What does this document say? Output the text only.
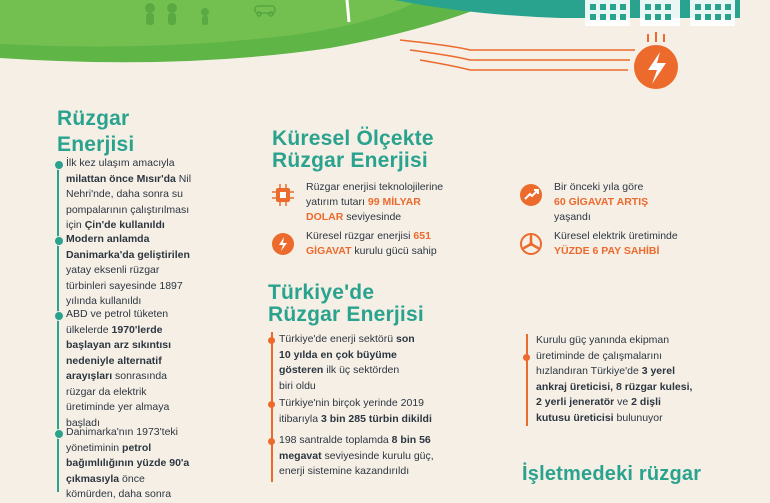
Rüzgar
Enerjisi
İlk kez ulaşım amacıyla
milattan önce Mısır'da Nil
Nehri'nde, daha sonra su
pompalarının çalıştırılması
için Çin'de kullanıldı
Modern anlamda
Danimarka'da geliştirilen
yatay eksenli rüzgar
türbinleri sayesinde 1897
yılında kullanıldı
ABD ve petrol tüketen
ülkelerde 1970'lerde
başlayan arz sıkıntısı
nedeniyle alternatif
arayışları sonrasında
rüzgar da elektrik
üretiminde yer almaya
başladı
Danimarka'nın 1973'teki
yönetiminin petrol
bağımlılığının yüzde 90'a
çıkmasıyla önce
kömürden, daha sonra
Küresel Ölçekte
Rüzgar Enerjisi
Rüzgar enerjisi teknolojilerine
yatırım tutarı 99 MİLYAR
DOLAR seviyesinde
Küresel rüzgar enerjisi 651
GİGAVAT kurulu gücü sahip
Bir önceki yıla göre
60 GİGAVAT ARTIŞ
yaşandı
Küresel elektrik üretiminde
YÜZDE 6 PAY SAHİBİ
Türkiye'de
Rüzgar Enerjisi
Türkiye'de enerji sektörü son
10 yılda en çok büyüme
gösteren ilk üç sektörden
biri oldu
Türkiye'nin birçok yerinde 2019
itibarıyla 3 bin 285 türbin dikildi
198 santralde toplamda 8 bin 56
megavat seviyesinde kurulu güç,
enerji sistemine kazandırıldı
Kurulu güç yanında ekipman
üretiminde de çalışmalarını
hızlandıran Türkiye'de 3 yerel
ankraj üreticisi, 8 rüzgar kulesi,
2 yerli jeneratör ve 2 dişli
kutusu üreticisi bulunuyor
İşletmedeki rüzgar
